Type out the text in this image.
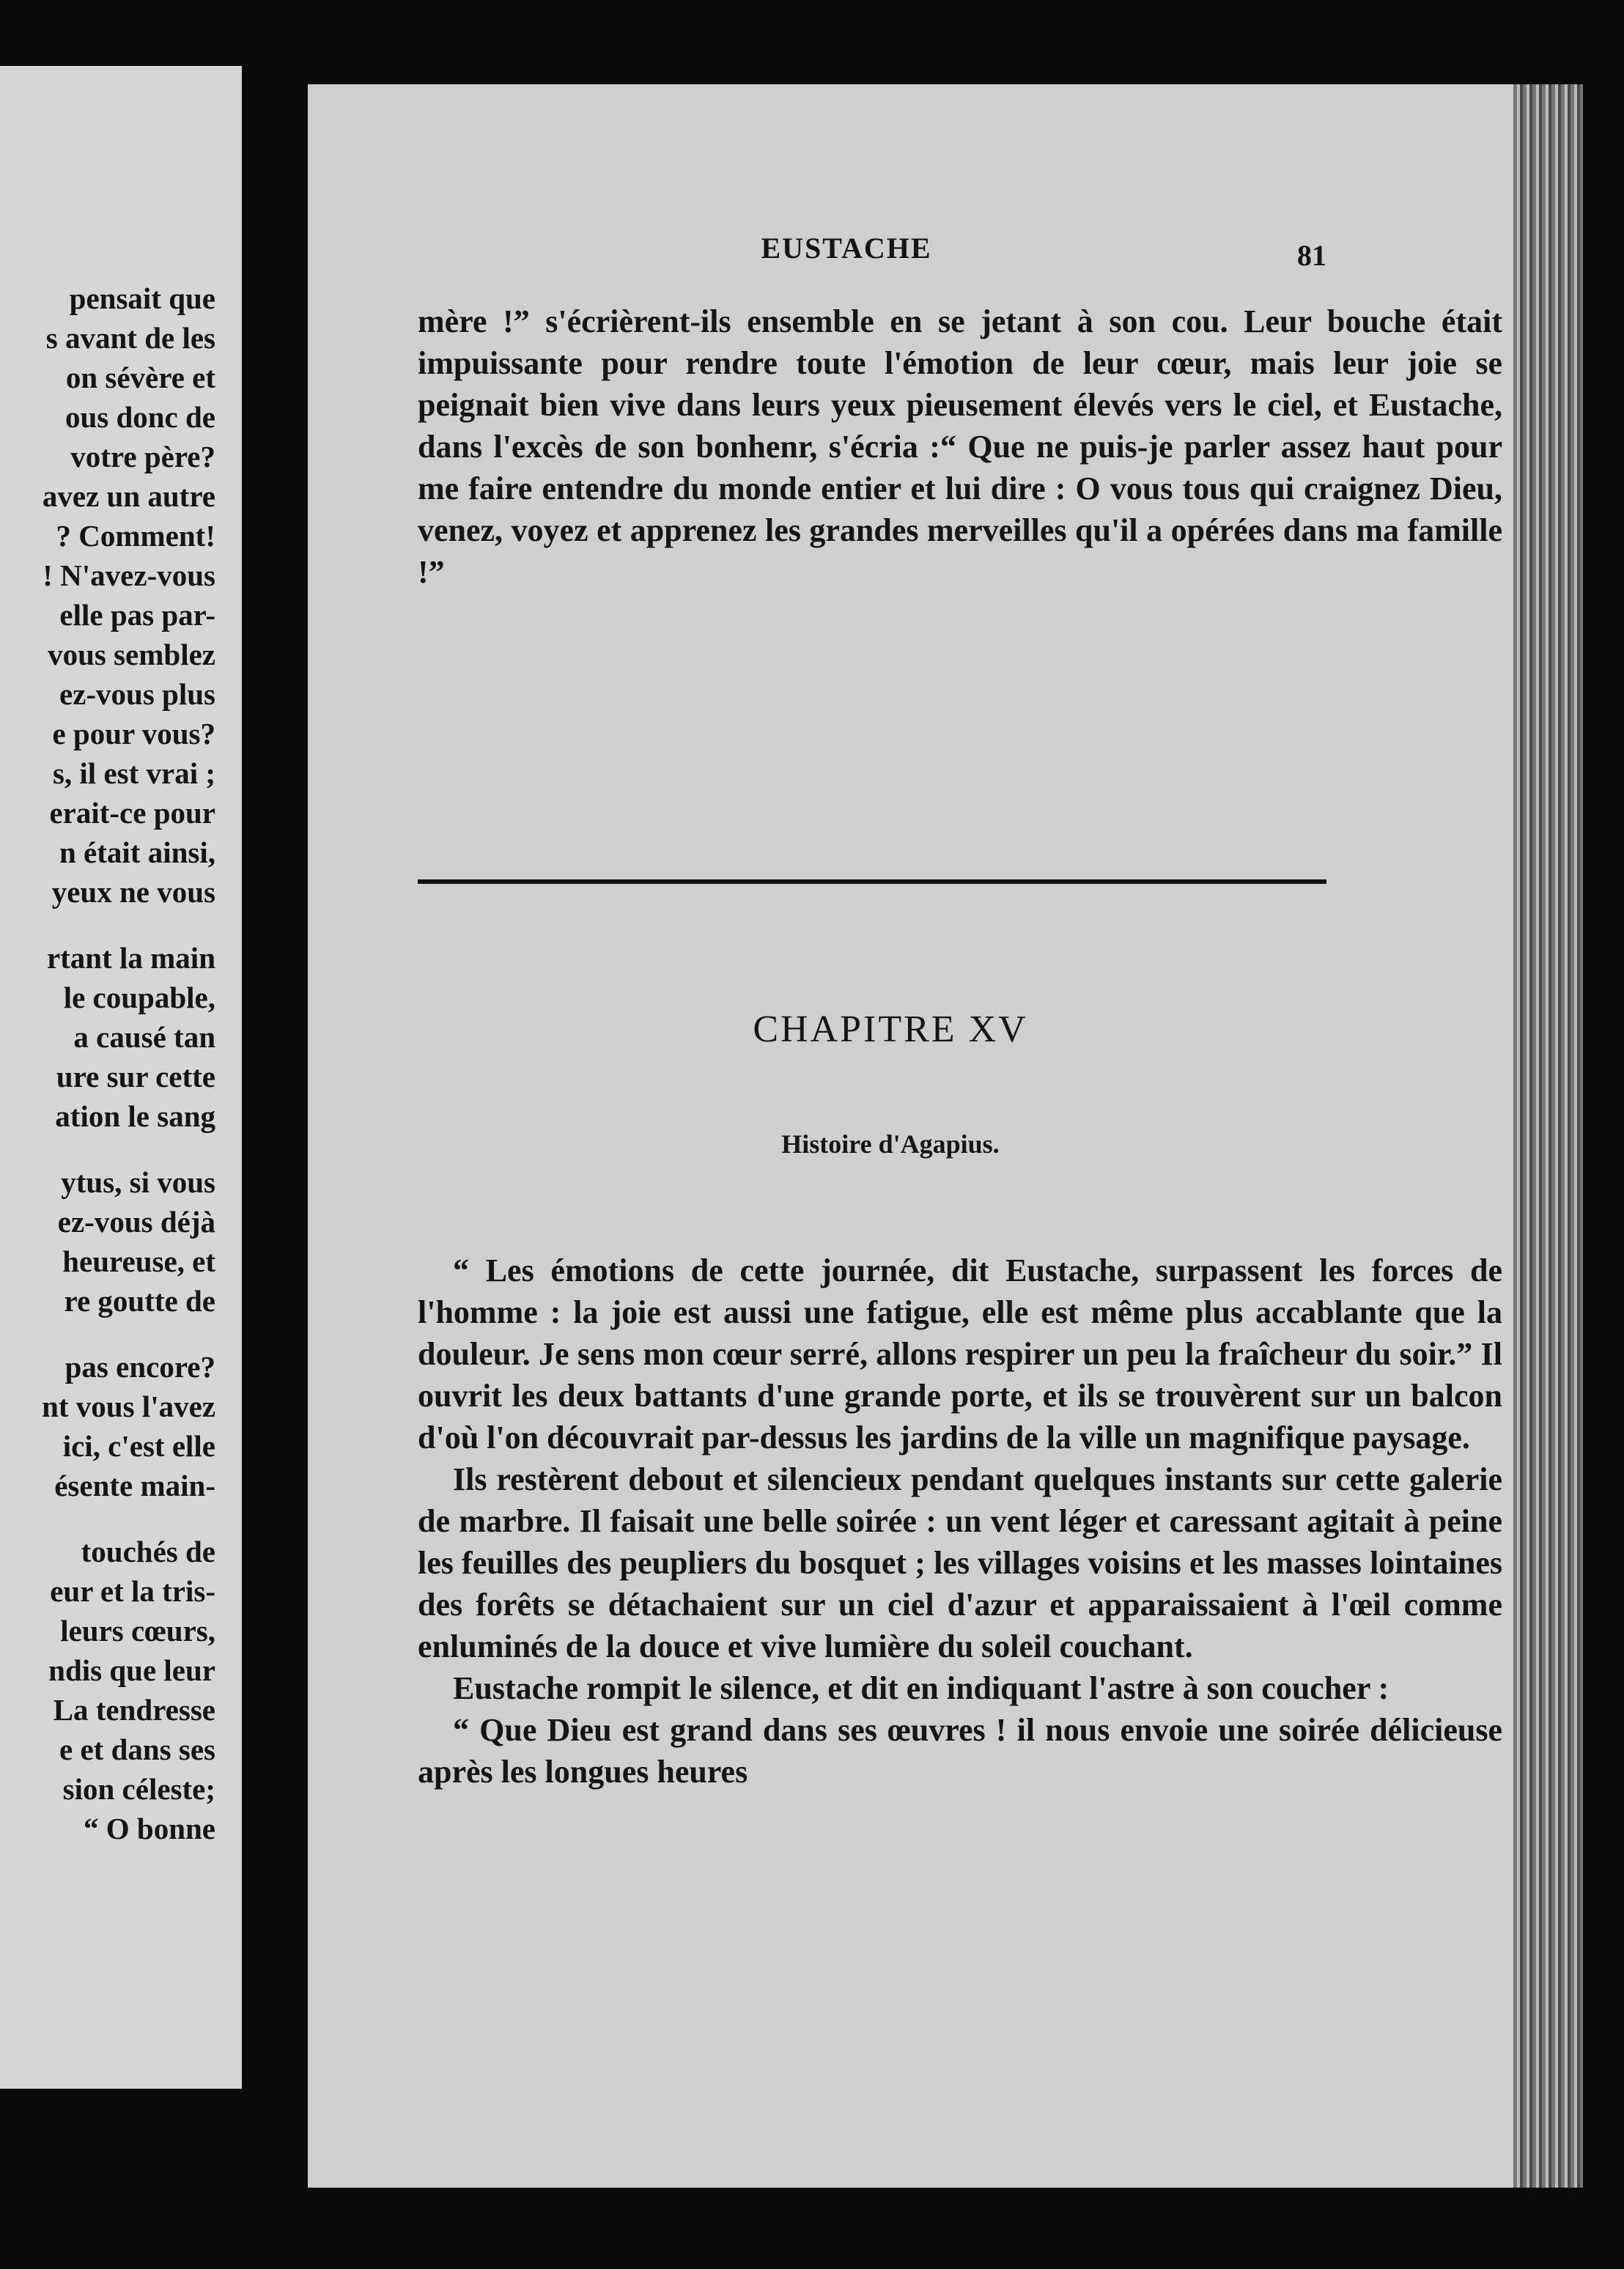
pensait que
s avant de les
on sévère et
ous donc de
votre père?
avez un autre
? Comment!
! N'avez-vous
elle pas par-
vous semblez
ez-vous plus
e pour vous?
s, il est vrai ;
erait-ce pour
n était ainsi,
yeux ne vous
rtant la main
le coupable,
a causé tan
ure sur cette
ation le sang
ytus, si vous
ez-vous déjà
heureuse, et
re goutte de
pas encore?
nt vous l'avez
ici, c'est elle
ésente main-
touchés de
eur et la tris-
leurs cœurs,
ndis que leur
La tendresse
e et dans ses
sion céleste;
“ O bonne
EUSTACHE	81

mère !” s'écrièrent-ils ensemble en se jetant à son cou. Leur bouche était impuissante pour rendre toute l'émotion de leur cœur, mais leur joie se peignait bien vive dans leurs yeux pieusement élevés vers le ciel, et Eustache, dans l'excès de son bonhenr, s'écria :“ Que ne puis-je parler assez haut pour me faire entendre du monde entier et lui dire : O vous tous qui craignez Dieu, venez, voyez et apprenez les grandes merveilles qu'il a opérées dans ma famille !”

CHAPITRE XV
Histoire d'Agapius.

“ Les émotions de cette journée, dit Eustache, surpassent les forces de l'homme : la joie est aussi une fatigue, elle est même plus accablante que la douleur. Je sens mon cœur serré, allons respirer un peu la fraîcheur du soir.” Il ouvrit les deux battants d'une grande porte, et ils se trouvèrent sur un balcon d'où l'on découvrait par-dessus les jardins de la ville un magnifique paysage.

Ils restèrent debout et silencieux pendant quelques instants sur cette galerie de marbre. Il faisait une belle soirée : un vent léger et caressant agitait à peine les feuilles des peupliers du bosquet ; les villages voisins et les masses lointaines des forêts se détachaient sur un ciel d'azur et apparaissaient à l'œil comme enluminés de la douce et vive lumière du soleil couchant.

Eustache rompit le silence, et dit en indiquant l'astre à son coucher :

“ Que Dieu est grand dans ses œuvres ! il nous envoie une soirée délicieuse après les longues heures
